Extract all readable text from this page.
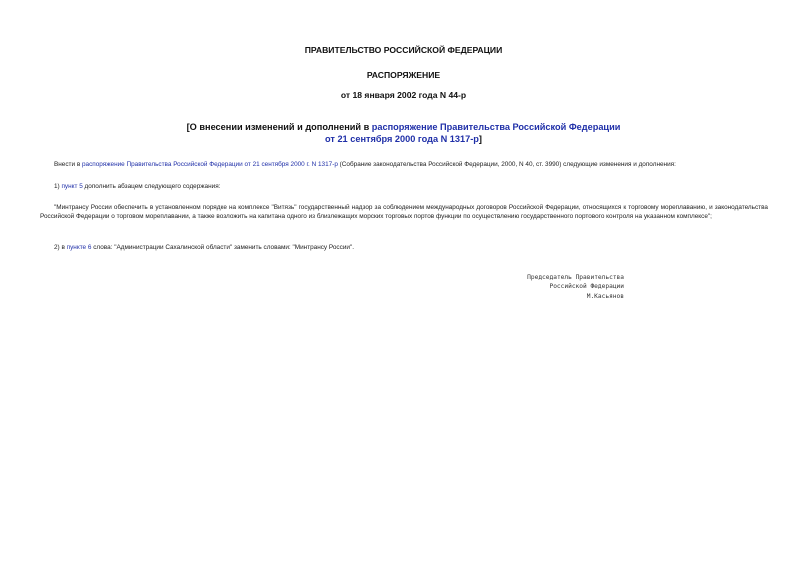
ПРАВИТЕЛЬСТВО РОССИЙСКОЙ ФЕДЕРАЦИИ
РАСПОРЯЖЕНИЕ
от 18 января 2002 года N 44-р
[О внесении изменений и дополнений в распоряжение Правительства Российской Федерации
от 21 сентября 2000 года N 1317-р]
Внести в распоряжение Правительства Российской Федерации от 21 сентября 2000 г. N 1317-р (Собрание законодательства Российской Федерации, 2000, N 40, ст. 3990) следующие изменения и дополнения:
1) пункт 5 дополнить абзацем следующего содержания:
"Минтрансу России обеспечить в установленном порядке на комплексе "Витязь" государственный надзор за соблюдением международных договоров Российской Федерации, относящихся к торговому мореплаванию, и законодательства Российской Федерации о торговом мореплавании, а также возложить на капитана одного из близлежащих морских торговых портов функции по осуществлению государственного портового контроля на указанном комплексе";
2) в пункте 6 слова: "Администрации Сахалинской области" заменить словами: "Минтрансу России".
Председатель Правительства
Российской Федерации
М.Касьянов
